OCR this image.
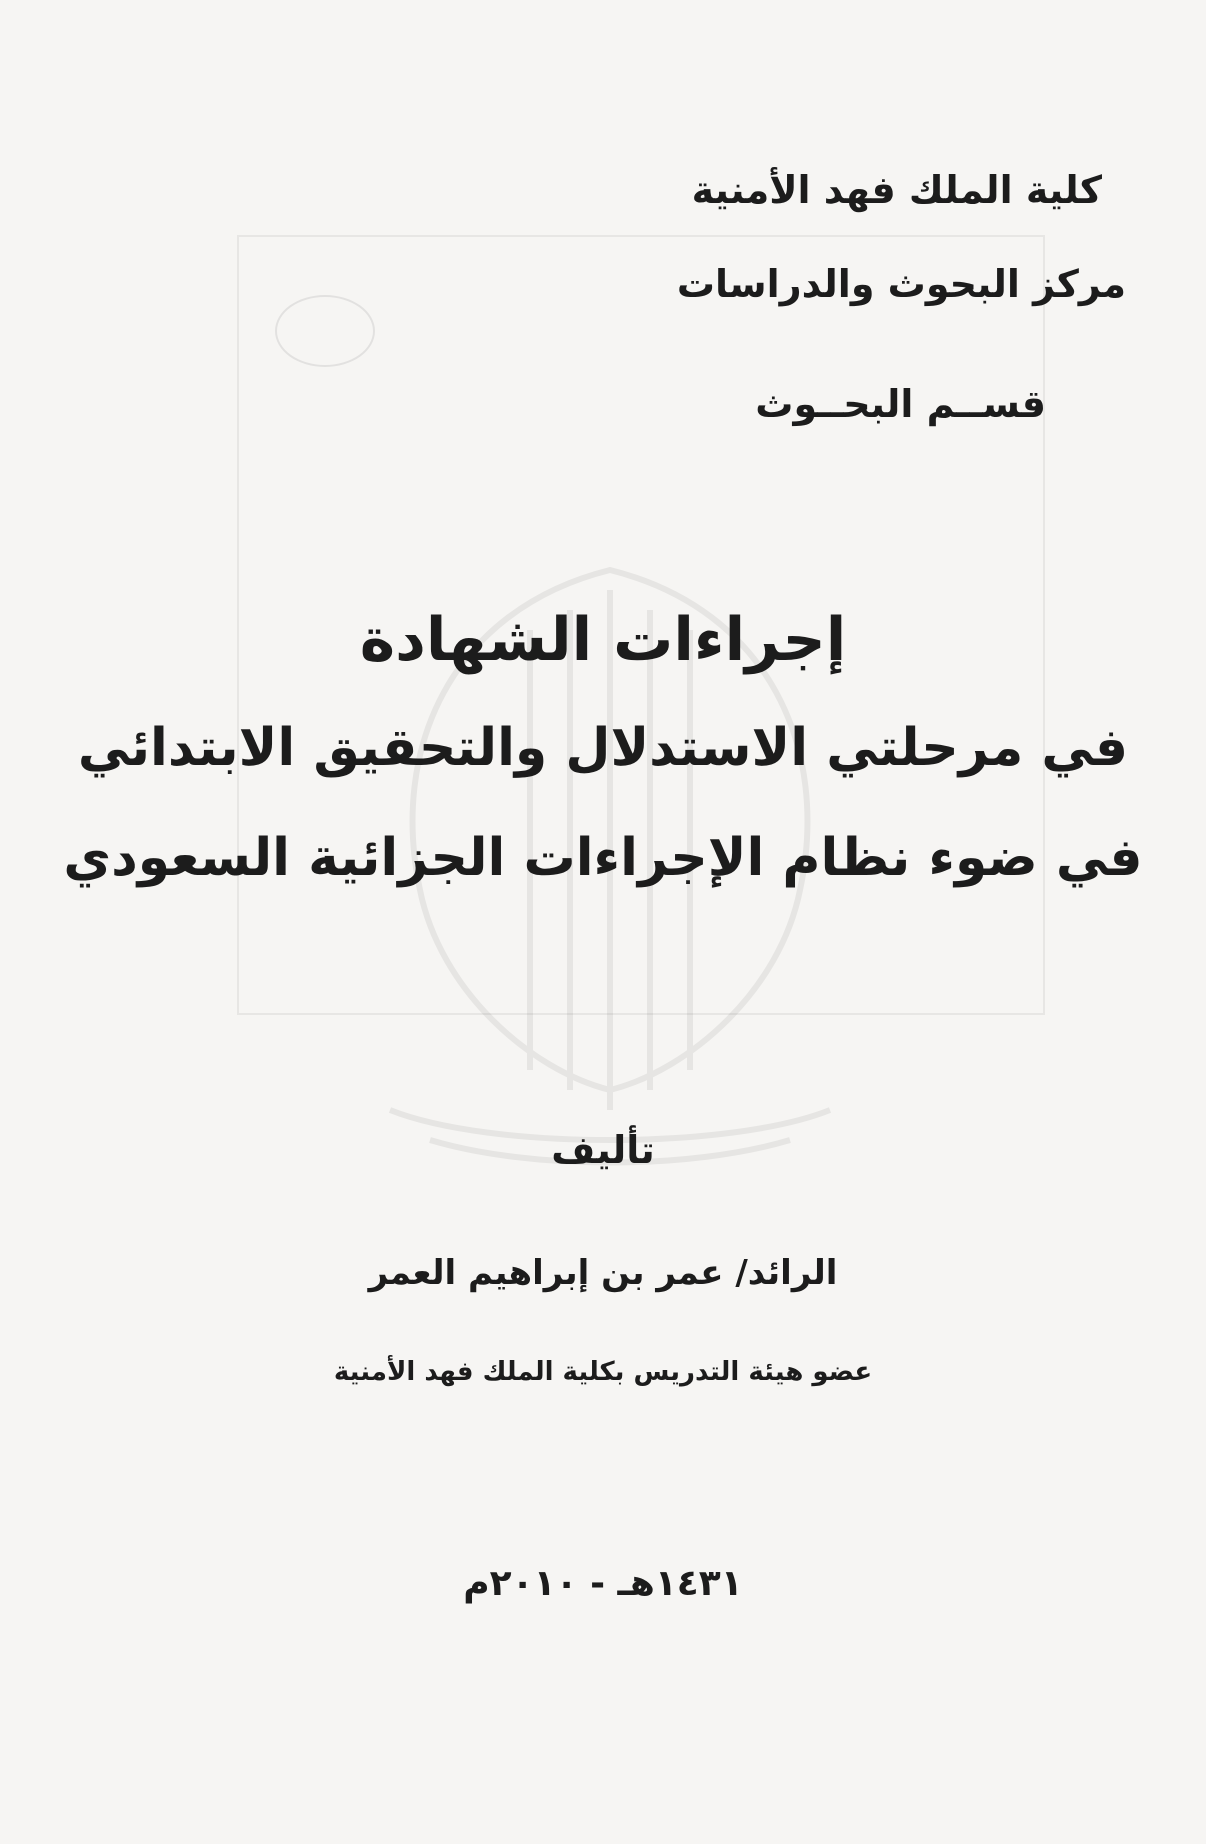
كلية الملك فهد الأمنية
مركز البحوث والدراسات
قســم البحــوث
إجراءات الشهادة
في مرحلتي الاستدلال والتحقيق الابتدائي
في ضوء نظام الإجراءات الجزائية السعودي
تأليف
الرائد/ عمر بن إبراهيم العمر
عضو هيئة التدريس بكلية الملك فهد الأمنية
١٤٣١هـ - ٢٠١٠م
